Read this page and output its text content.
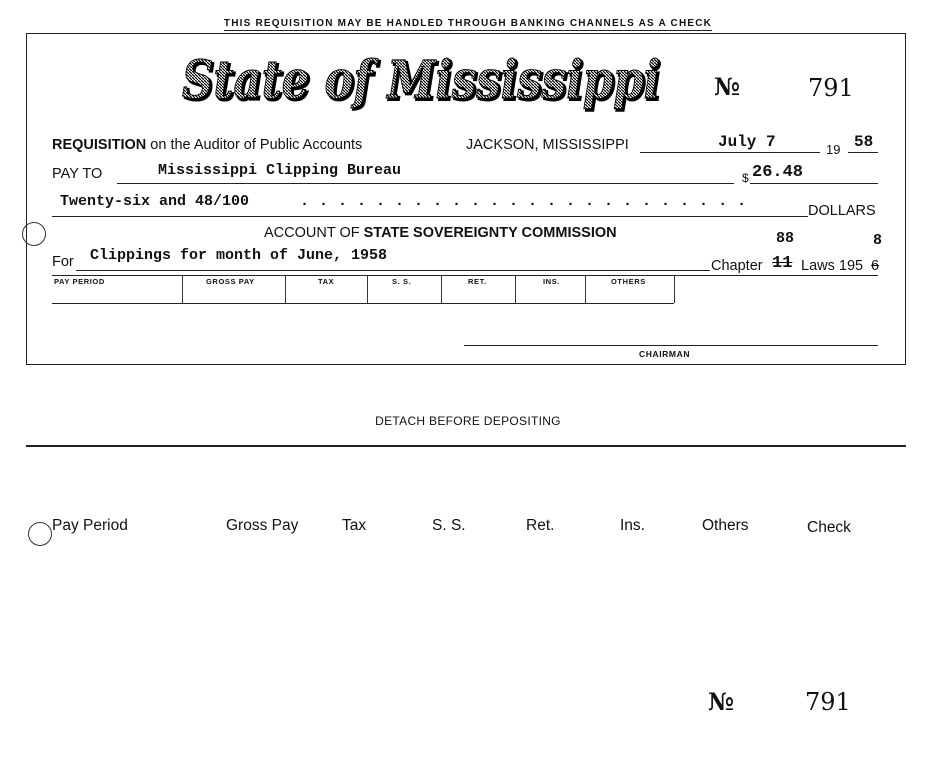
THIS REQUISITION MAY BE HANDLED THROUGH BANKING CHANNELS AS A CHECK
State of Mississippi
State of Mississippi №	791
REQUISITION on the Auditor of Public Accounts	JACKSON, MISSISSIPPI	July 7	19 58
PAY TO	Mississippi Clipping Bureau	$ 26.48
Twenty-six and 48/100	. . . . . . . . . . . . . . . . . . . . . . . .
DOLLARS
ACCOUNT OF STATE SOVEREIGNTY COMMISSION
For Clippings for month of June, 1958
Chapter 11
88
Laws 195 6
8
PAY PERIOD	GROSS PAY	TAX	S. S.	RET.	INS.	OTHERS
CHAIRMAN
DETACH BEFORE DEPOSITING
Pay Period	Gross Pay	Tax	S. S.	Ret.	Ins.	Others	Check
№	791
